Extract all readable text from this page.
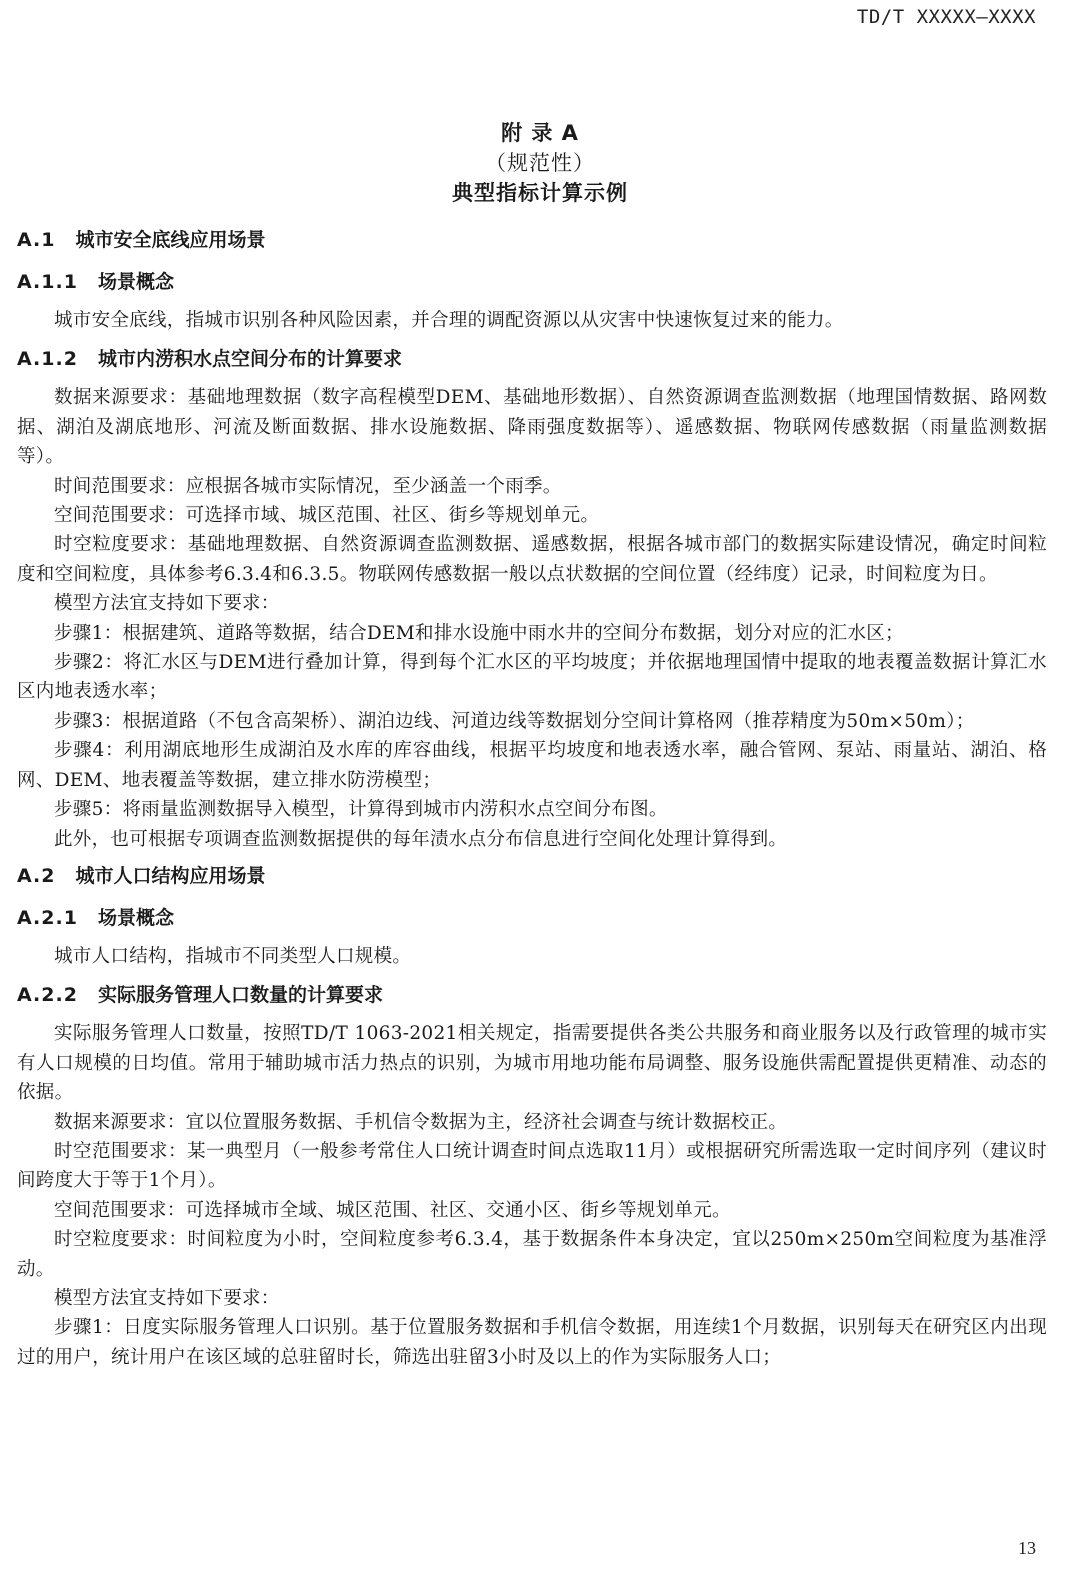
TD/T XXXXX—XXXX
附 录 A
（规范性）
典型指标计算示例
A.1 城市安全底线应用场景
A.1.1 场景概念

城市安全底线，指城市识别各种风险因素，并合理的调配资源以从灾害中快速恢复过来的能力。

A.1.2 城市内涝积水点空间分布的计算要求

数据来源要求：基础地理数据（数字高程模型DEM、基础地形数据）、自然资源调查监测数据（地理国情数据、路网数据、湖泊及湖底地形、河流及断面数据、排水设施数据、降雨强度数据等）、遥感数据、物联网传感数据（雨量监测数据等）。

时间范围要求：应根据各城市实际情况，至少涵盖一个雨季。

空间范围要求：可选择市域、城区范围、社区、街乡等规划单元。

时空粒度要求：基础地理数据、自然资源调查监测数据、遥感数据，根据各城市部门的数据实际建设情况，确定时间粒度和空间粒度，具体参考6.3.4和6.3.5。物联网传感数据一般以点状数据的空间位置（经纬度）记录，时间粒度为日。

模型方法宜支持如下要求：

步骤1：根据建筑、道路等数据，结合DEM和排水设施中雨水井的空间分布数据，划分对应的汇水区；

步骤2：将汇水区与DEM进行叠加计算，得到每个汇水区的平均坡度；并依据地理国情中提取的地表覆盖数据计算汇水区内地表透水率；

步骤3：根据道路（不包含高架桥）、湖泊边线、河道边线等数据划分空间计算格网（推荐精度为50m×50m）；

步骤4：利用湖底地形生成湖泊及水库的库容曲线，根据平均坡度和地表透水率，融合管网、泵站、雨量站、湖泊、格网、DEM、地表覆盖等数据，建立排水防涝模型；

步骤5：将雨量监测数据导入模型，计算得到城市内涝积水点空间分布图。

此外，也可根据专项调查监测数据提供的每年渍水点分布信息进行空间化处理计算得到。

A.2 城市人口结构应用场景
A.2.1 场景概念

城市人口结构，指城市不同类型人口规模。

A.2.2 实际服务管理人口数量的计算要求

实际服务管理人口数量，按照TD/T 1063-2021相关规定，指需要提供各类公共服务和商业服务以及行政管理的城市实有人口规模的日均值。常用于辅助城市活力热点的识别，为城市用地功能布局调整、服务设施供需配置提供更精准、动态的依据。

数据来源要求：宜以位置服务数据、手机信令数据为主，经济社会调查与统计数据校正。

时空范围要求：某一典型月（一般参考常住人口统计调查时间点选取11月）或根据研究所需选取一定时间序列（建议时间跨度大于等于1个月）。

空间范围要求：可选择城市全域、城区范围、社区、交通小区、街乡等规划单元。

时空粒度要求：时间粒度为小时，空间粒度参考6.3.4，基于数据条件本身决定，宜以250m×250m空间粒度为基准浮动。

模型方法宜支持如下要求：

步骤1：日度实际服务管理人口识别。基于位置服务数据和手机信令数据，用连续1个月数据，识别每天在研究区内出现过的用户，统计用户在该区域的总驻留时长，筛选出驻留3小时及以上的作为实际服务人口；

13
